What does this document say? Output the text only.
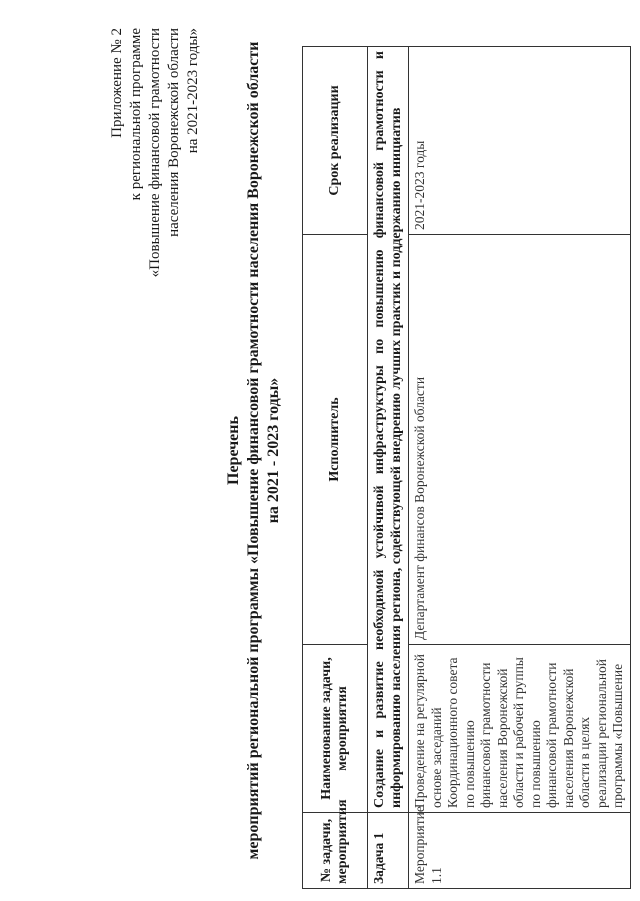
Приложение № 2 к региональной программе «Повышение финансовой грамотности населения Воронежской области на 2021-2023 годы»
Перечень мероприятий региональной программы «Повышение финансовой грамотности населения Воронежской области на 2021 - 2023 годы»
№ задачи, мероприятия	Наименование задачи, мероприятия	Исполнитель	Срок реализации
Задача 1	Создание и развитие необходимой устойчивой инфраструктуры по повышению финансовой грамотности и информированию населения региона, содействующей внедрению лучших практик и поддержанию инициатив		
Мероприятие 1.1	Проведение на регулярной основе заседаний Координационного совета по повышению финансовой грамотности населения Воронежской области и рабочей группы по повышению финансовой грамотности населения Воронежской области в целях реализации региональной программы «Повышение	Департамент финансов Воронежской области	2021-2023 годы
